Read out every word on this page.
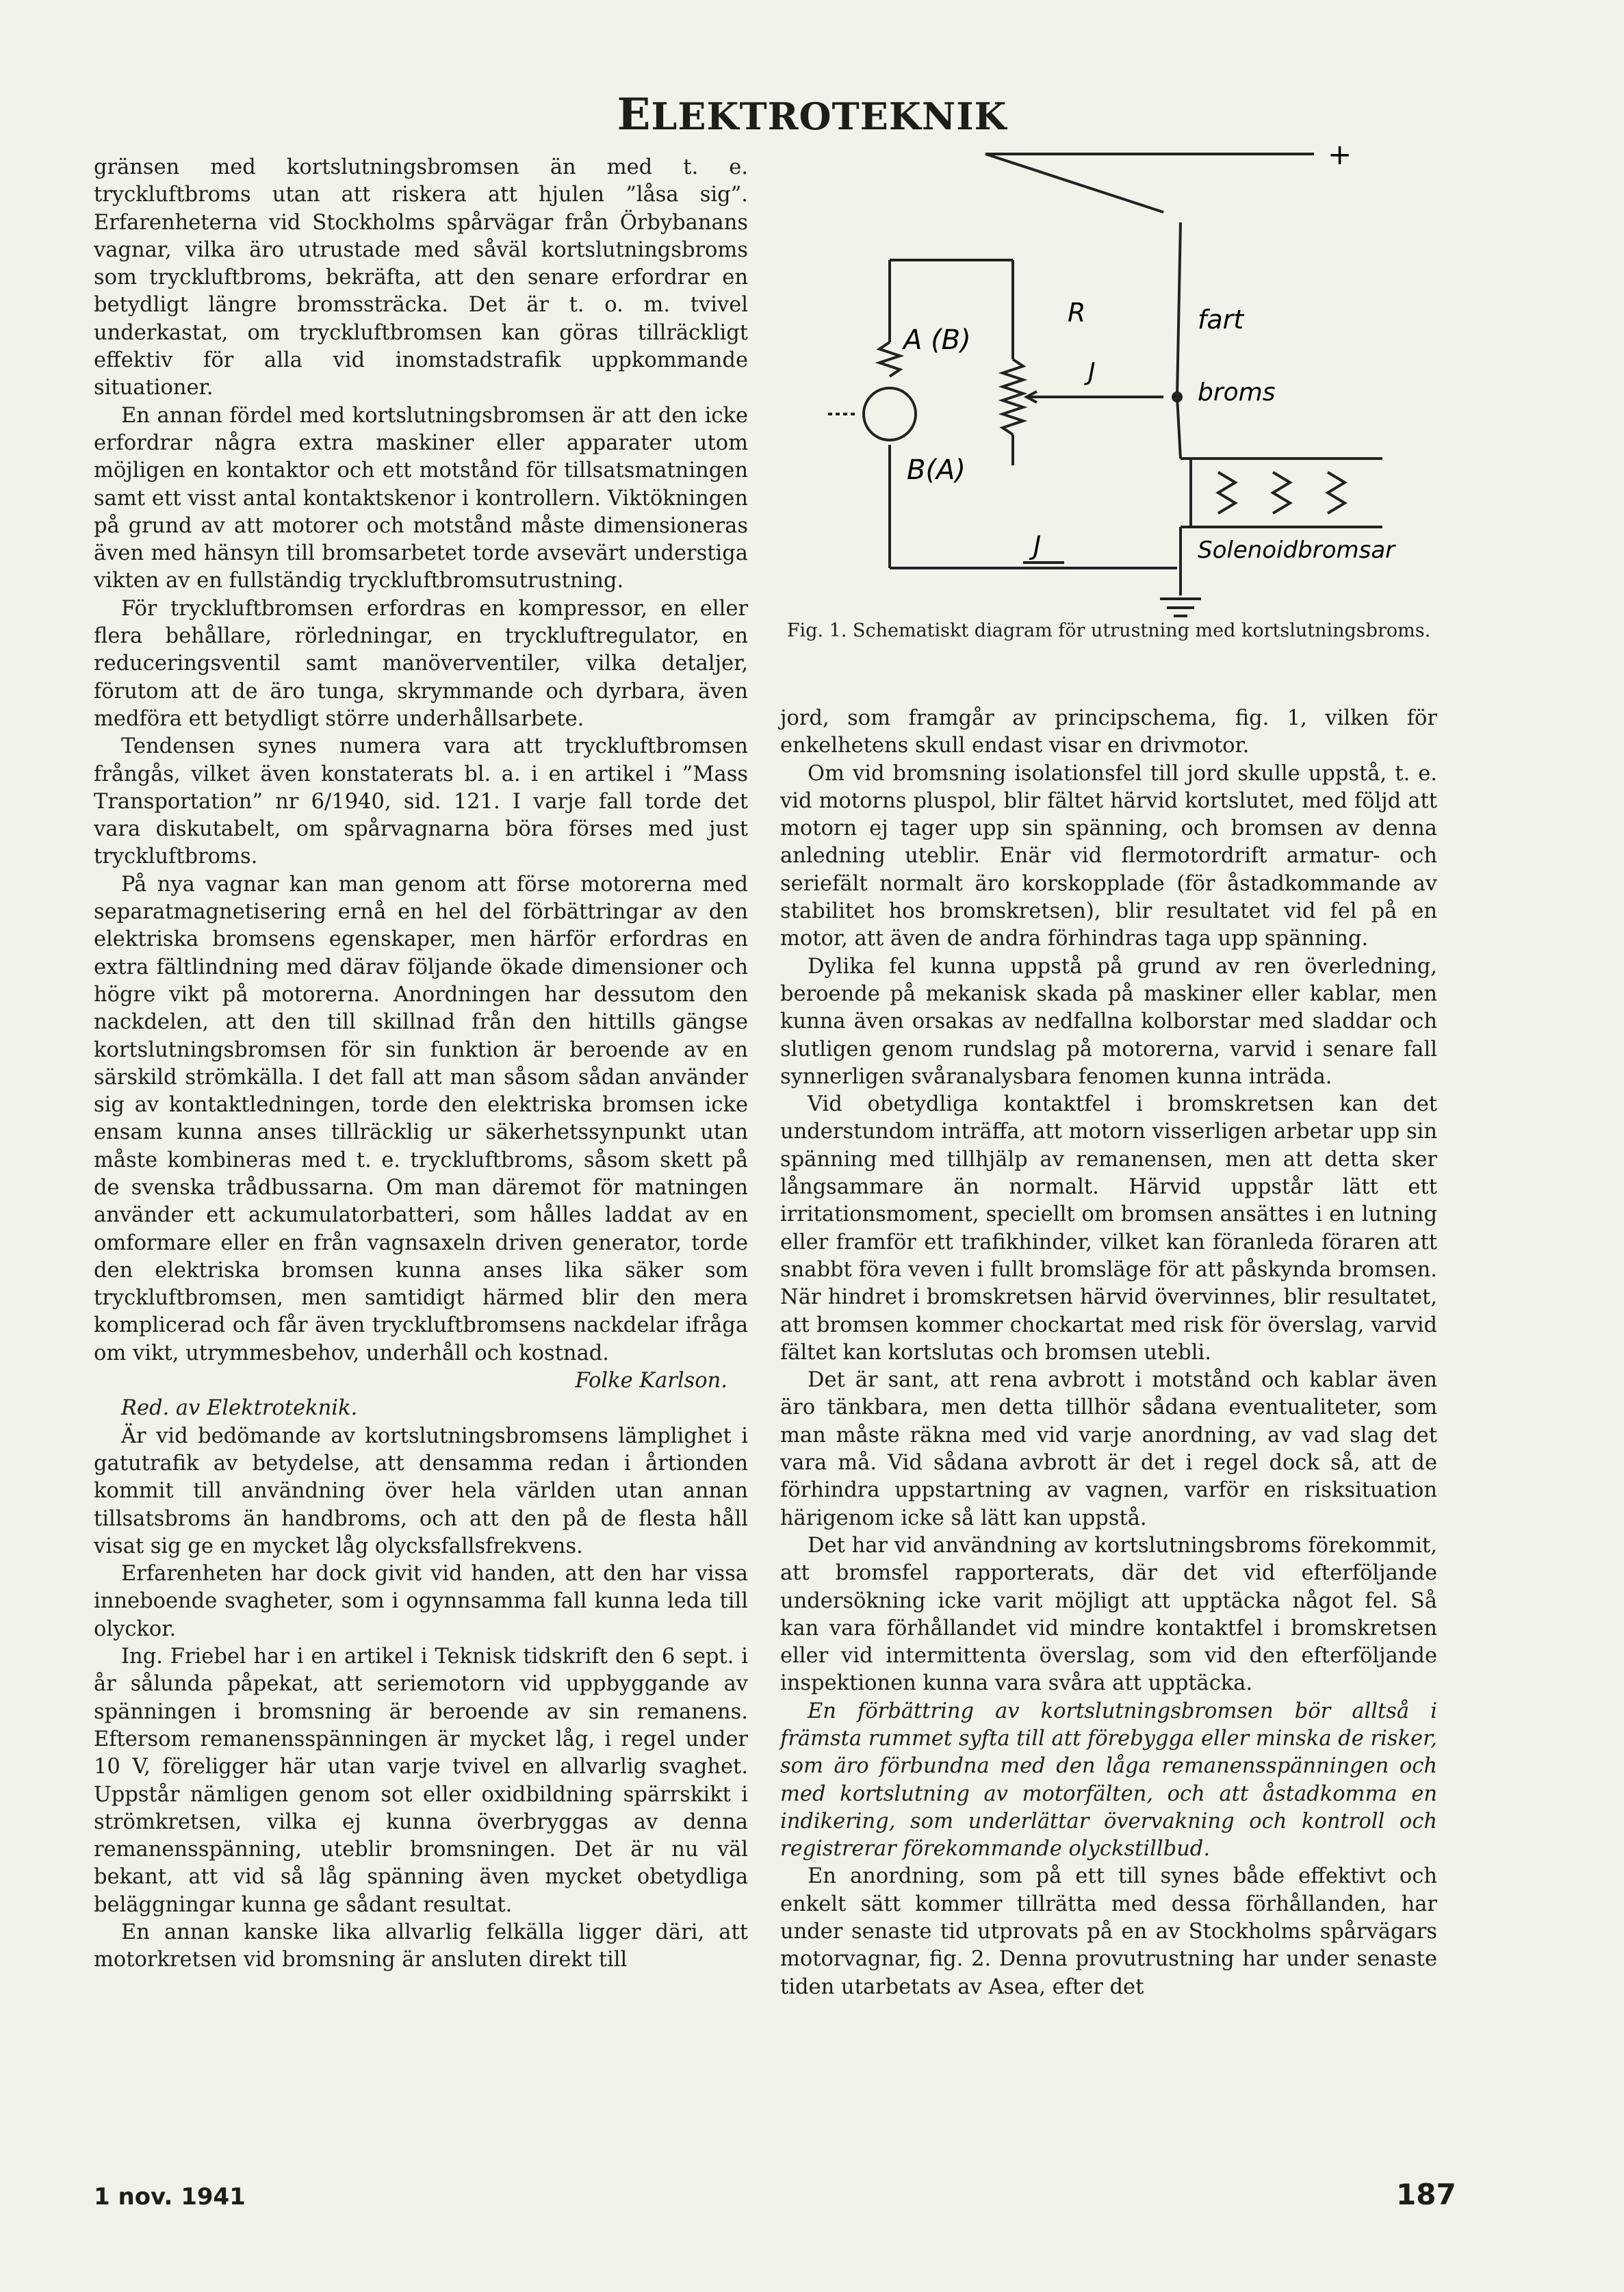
ELEKTROTEKNIK

gränsen med kortslutningsbromsen än med t. e. tryckluftbroms utan att riskera att hjulen ”låsa sig”. Erfarenheterna vid Stockholms spårvägar från Örbybanans vagnar, vilka äro utrustade med såväl kortslutningsbroms som tryckluftbroms, bekräfta, att den senare erfordrar en betydligt längre bromssträcka. Det är t. o. m. tvivel underkastat, om tryckluftbromsen kan göras tillräckligt effektiv för alla vid inomstadstrafik uppkommande situationer.

En annan fördel med kortslutningsbromsen är att den icke erfordrar några extra maskiner eller apparater utom möjligen en kontaktor och ett motstånd för tillsatsmatningen samt ett visst antal kontaktskenor i kontrollern. Viktökningen på grund av att motorer och motstånd måste dimensioneras även med hänsyn till bromsarbetet torde avsevärt understiga vikten av en fullständig tryckluftbromsutrustning.

För tryckluftbromsen erfordras en kompressor, en eller flera behållare, rörledningar, en tryckluftregulator, en reduceringsventil samt manöverventiler, vilka detaljer, förutom att de äro tunga, skrymmande och dyrbara, även medföra ett betydligt större underhållsarbete.

Tendensen synes numera vara att tryckluftbromsen frångås, vilket även konstaterats bl. a. i en artikel i ”Mass Transportation” nr 6/1940, sid. 121. I varje fall torde det vara diskutabelt, om spårvagnarna böra förses med just tryckluftbroms.

På nya vagnar kan man genom att förse motorerna med separatmagnetisering ernå en hel del förbättringar av den elektriska bromsens egenskaper, men härför erfordras en extra fältlindning med därav följande ökade dimensioner och högre vikt på motorerna. Anordningen har dessutom den nackdelen, att den till skillnad från den hittills gängse kortslutningsbromsen för sin funktion är beroende av en särskild strömkälla. I det fall att man såsom sådan använder sig av kontaktledningen, torde den elektriska bromsen icke ensam kunna anses tillräcklig ur säkerhetssynpunkt utan måste kombineras med t. e. tryckluftbroms, såsom skett på de svenska trådbussarna. Om man däremot för matningen använder ett ackumulatorbatteri, som hålles laddat av en omformare eller en från vagnsaxeln driven generator, torde den elektriska bromsen kunna anses lika säker som tryckluftbromsen, men samtidigt härmed blir den mera komplicerad och får även tryckluftbromsens nackdelar ifråga om vikt, utrymmesbehov, underhåll och kostnad.

Folke Karlson.

Red. av Elektroteknik.

Är vid bedömande av kortslutningsbromsens lämplighet i gatutrafik av betydelse, att densamma redan i årtionden kommit till användning över hela världen utan annan tillsatsbroms än handbroms, och att den på de flesta håll visat sig ge en mycket låg olycksfallsfrekvens.

Erfarenheten har dock givit vid handen, att den har vissa inneboende svagheter, som i ogynnsamma fall kunna leda till olyckor.

Ing. Friebel har i en artikel i Teknisk tidskrift den 6 sept. i år sålunda påpekat, att seriemotorn vid uppbyggande av spänningen i bromsning är beroende av sin remanens. Eftersom remanensspänningen är mycket låg, i regel under 10 V, föreligger här utan varje tvivel en allvarlig svaghet. Uppstår nämligen genom sot eller oxidbildning spärrskikt i strömkretsen, vilka ej kunna överbryggas av denna remanensspänning, uteblir bromsningen. Det är nu väl bekant, att vid så låg spänning även mycket obetydliga beläggningar kunna ge sådant resultat.

En annan kanske lika allvarlig felkälla ligger däri, att motorkretsen vid bromsning är ansluten direkt till

+
A (B)
B(A)
R
J
J
fart
broms
Solenoidbromsar
Fig. 1. Schematiskt diagram för utrustning med kortslutningsbroms.

jord, som framgår av principschema, fig. 1, vilken för enkelhetens skull endast visar en drivmotor.

Om vid bromsning isolationsfel till jord skulle uppstå, t. e. vid motorns pluspol, blir fältet härvid kortslutet, med följd att motorn ej tager upp sin spänning, och bromsen av denna anledning uteblir. Enär vid flermotordrift armatur- och seriefält normalt äro korskopplade (för åstadkommande av stabilitet hos bromskretsen), blir resultatet vid fel på en motor, att även de andra förhindras taga upp spänning.

Dylika fel kunna uppstå på grund av ren överledning, beroende på mekanisk skada på maskiner eller kablar, men kunna även orsakas av nedfallna kolborstar med sladdar och slutligen genom rundslag på motorerna, varvid i senare fall synnerligen svåranalysbara fenomen kunna inträda.

Vid obetydliga kontaktfel i bromskretsen kan det understundom inträffa, att motorn visserligen arbetar upp sin spänning med tillhjälp av remanensen, men att detta sker långsammare än normalt. Härvid uppstår lätt ett irritationsmoment, speciellt om bromsen ansättes i en lutning eller framför ett trafikhinder, vilket kan föranleda föraren att snabbt föra veven i fullt bromsläge för att påskynda bromsen. När hindret i bromskretsen härvid övervinnes, blir resultatet, att bromsen kommer chockartat med risk för överslag, varvid fältet kan kortslutas och bromsen utebli.

Det är sant, att rena avbrott i motstånd och kablar även äro tänkbara, men detta tillhör sådana eventualiteter, som man måste räkna med vid varje anordning, av vad slag det vara må. Vid sådana avbrott är det i regel dock så, att de förhindra uppstartning av vagnen, varför en risksituation härigenom icke så lätt kan uppstå.

Det har vid användning av kortslutningsbroms förekommit, att bromsfel rapporterats, där det vid efterföljande undersökning icke varit möjligt att upptäcka något fel. Så kan vara förhållandet vid mindre kontaktfel i bromskretsen eller vid intermittenta överslag, som vid den efterföljande inspektionen kunna vara svåra att upptäcka.

En förbättring av kortslutningsbromsen bör alltså i främsta rummet syfta till att förebygga eller minska de risker, som äro förbundna med den låga remanensspänningen och med kortslutning av motorfälten, och att åstadkomma en indikering, som underlättar övervakning och kontroll och registrerar förekommande olyckstillbud.

En anordning, som på ett till synes både effektivt och enkelt sätt kommer tillrätta med dessa förhållanden, har under senaste tid utprovats på en av Stockholms spårvägars motorvagnar, fig. 2. Denna provutrustning har under senaste tiden utarbetats av Asea, efter det

1 nov. 1941	187
